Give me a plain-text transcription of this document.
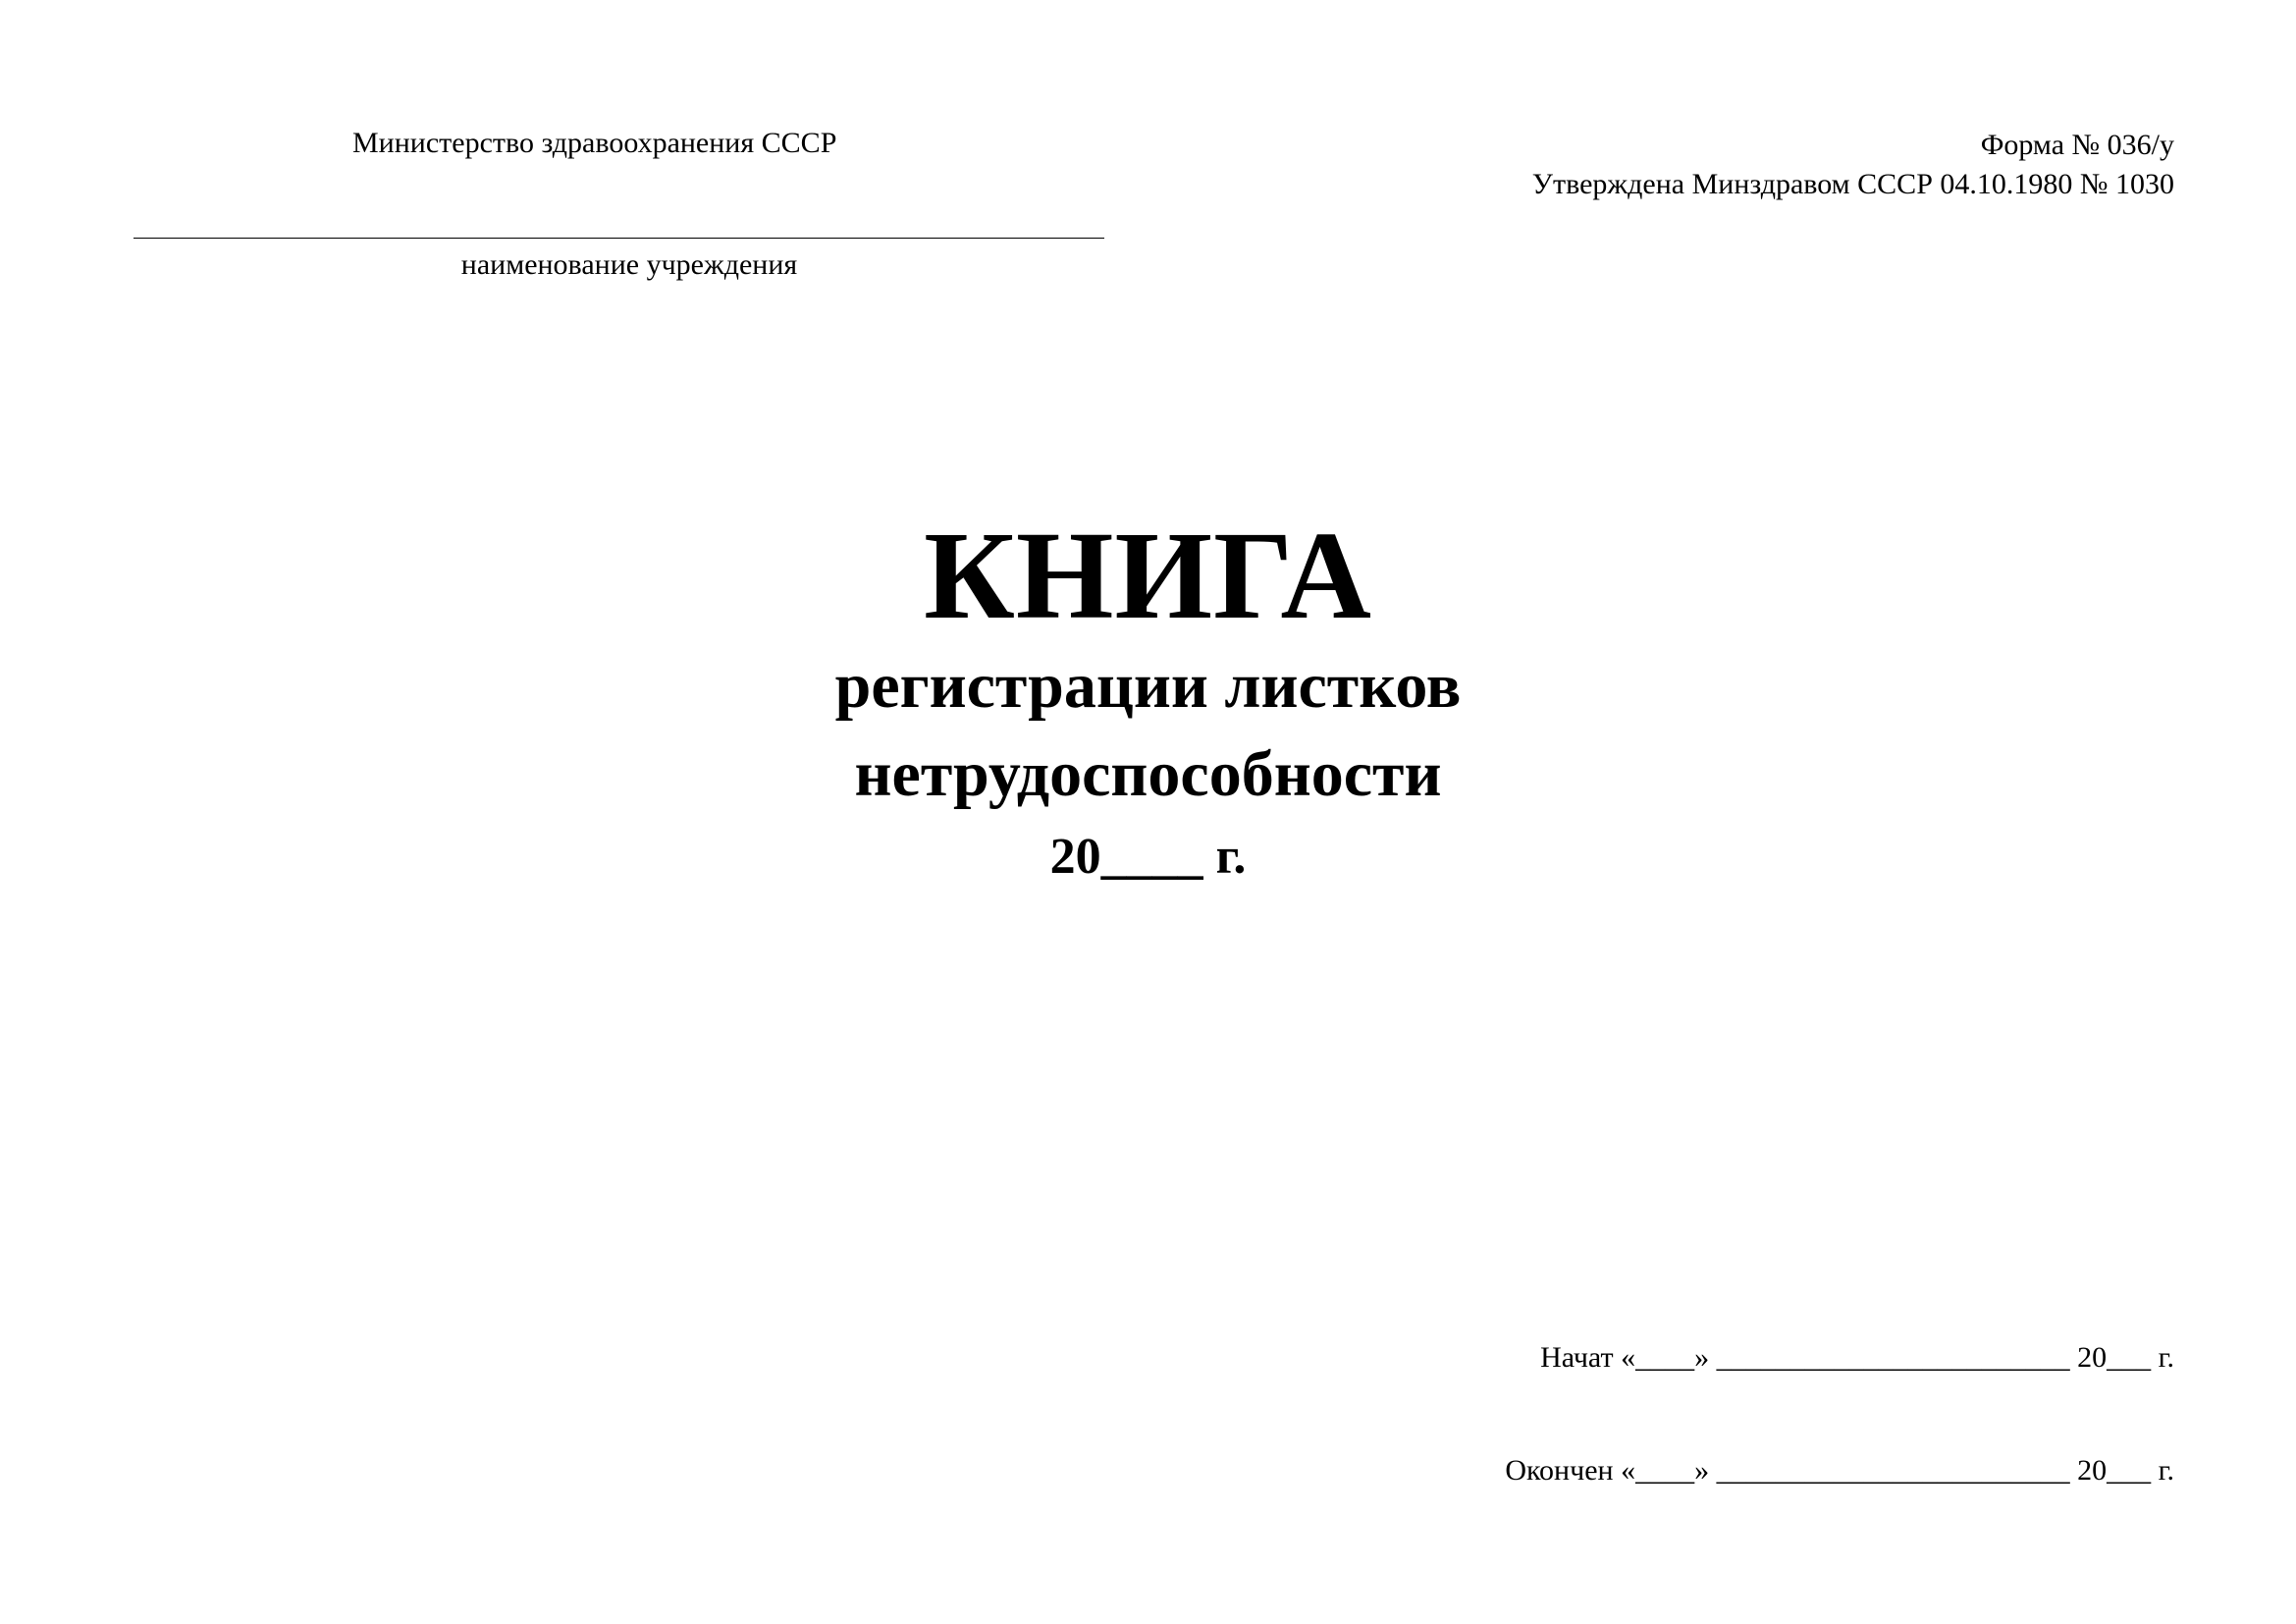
Министерство здравоохранения СССР	Форма № 036/у
Утверждена Минздравом СССР 04.10.1980 № 1030
наименование учреждения
КНИГА
регистрации листков
нетрудоспособности
20____ г.
Начат «____» ________________________ 20___ г.
Окончен «____» ________________________ 20___ г.
